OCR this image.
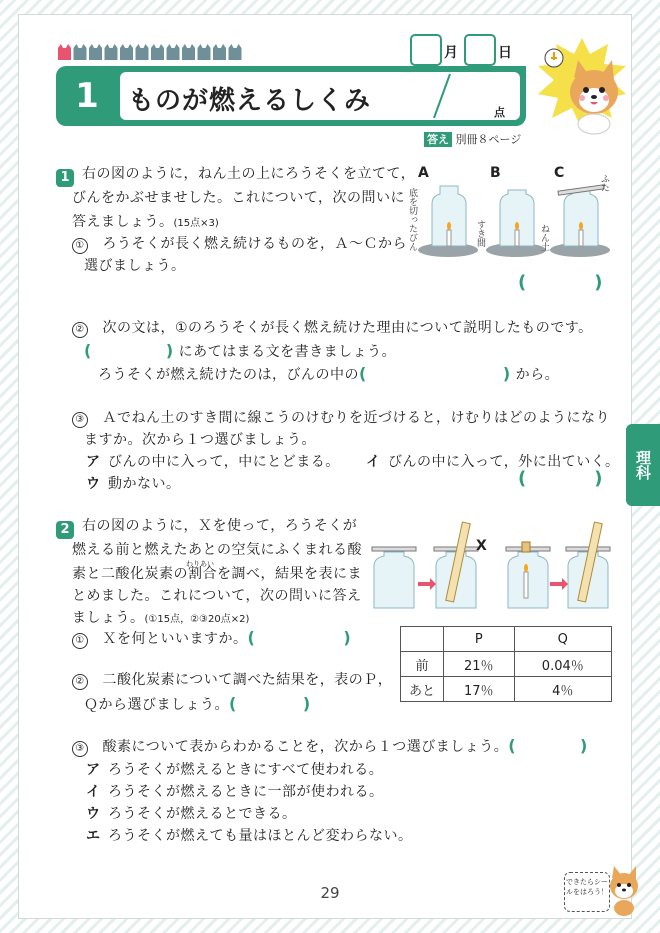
月	日
1	ものが燃えるしくみ	点
答え 別冊８ページ
1 右の図のように，ねん土の上にろうそくを立てて，
びんをかぶせませした。これについて，次の問いに
答えましょう。(15点×3)
A	B	C
底を切ったびん	すき間	ねん土
ふた
①　 ろうそくが長く燃え続けるものを，Ａ～Ｃから
選びましょう。
(	)
②　 次の文は，①のろうそくが長く燃え続けた理由について説明したものです。
(	) にあてはまる文を書きましょう。
ろうそくが燃え続けたのは，びんの中の(	) から。
③　 Ａでねん土のすき間に線こうのけむりを近づけると，けむりはどのようになり
ますか。次から１つ選びましょう。
ア びんの中に入って，中にとどまる。 イ びんの中に入って，外に出ていく。
ウ 動かない。	(	)	理科
2 右の図のように，Ｘを使って，ろうそくが
燃える前と燃えたあとの空気にふくまれる酸
わりあい
素と二酸化炭素の割合を調べ，結果を表にま
とめました。これについて，次の問いに答え
ましょう。(①15点，②③20点×2)
X
	P	Q
前	21％	0.04％
あと	17％	4％
①　 Ｘを何といいますか。(	)
②　 二酸化炭素について調べた結果を，表のＰ，
Ｑから選びましょう。(	)
③　 酸素について表からわかることを，次から１つ選びましょう。(	)
ア ろうそくが燃えるときにすべて使われる。
イ ろうそくが燃えるときに一部が使われる。
ウ ろうそくが燃えるとできる。
エ ろうそくが燃えても量はほとんど変わらない。
29
できたらシールをはろう！
